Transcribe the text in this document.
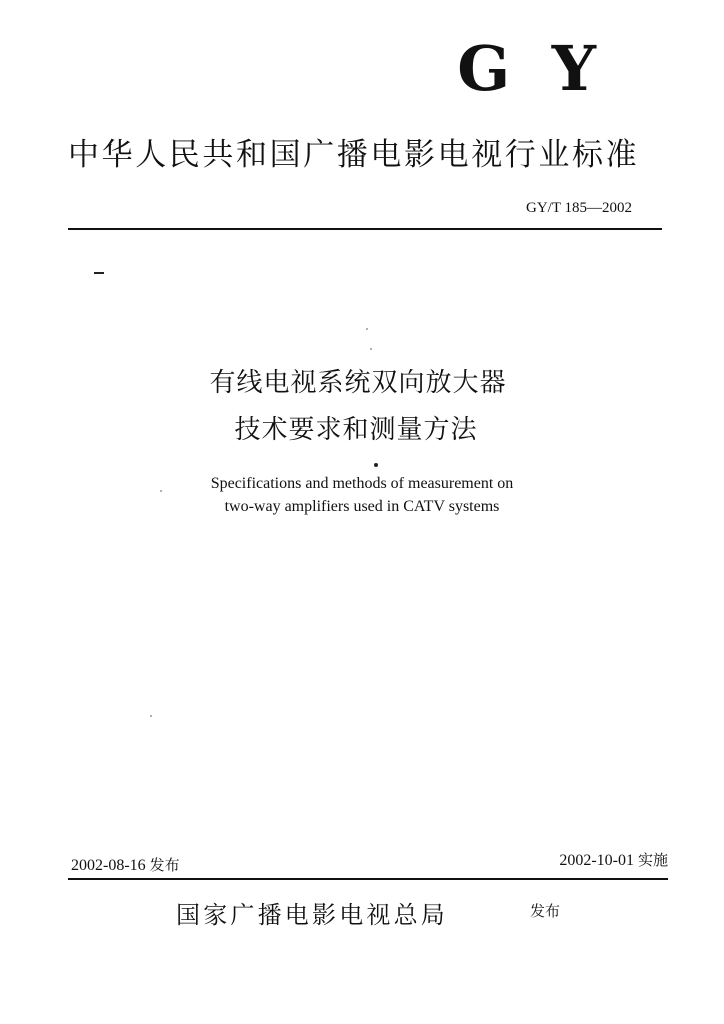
G Y
中华人民共和国广播电影电视行业标准
GY/T 185—2002
有线电视系统双向放大器
技术要求和测量方法
Specifications and methods of measurement on
two-way amplifiers used in CATV systems
2002-08-16 发布	2002-10-01 实施
国家广播电影电视总局	发布
